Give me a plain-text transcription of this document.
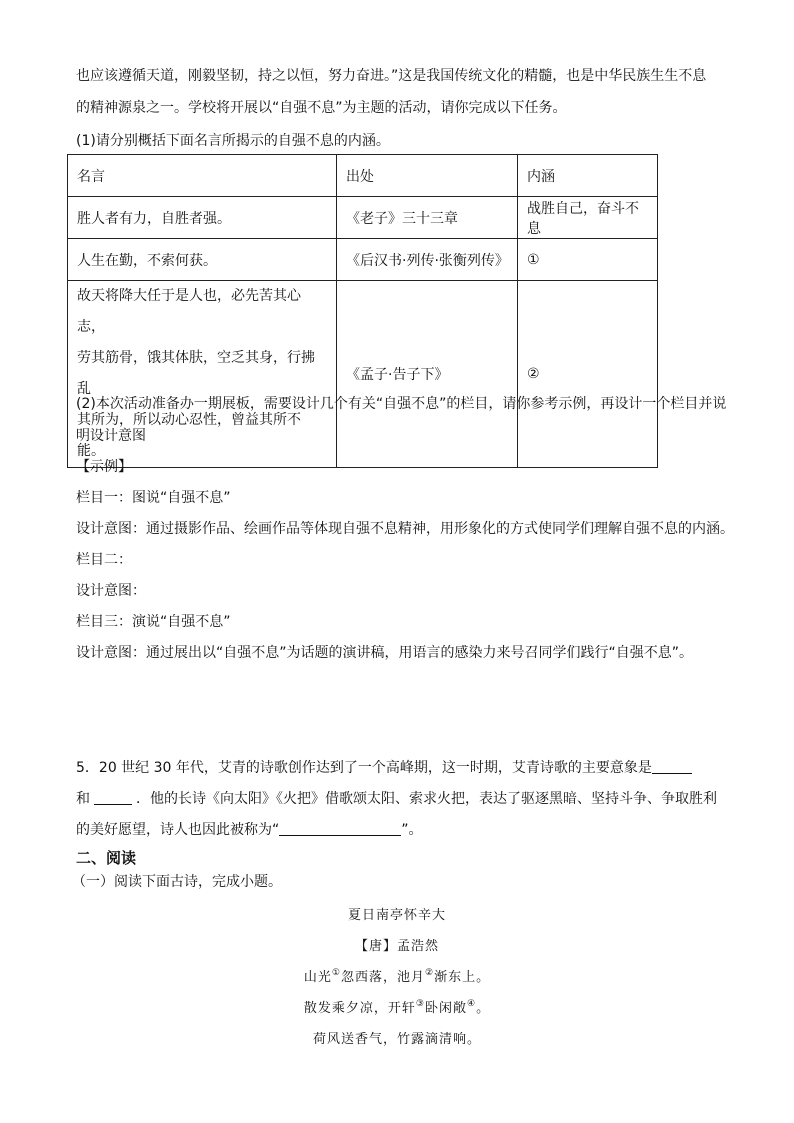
也应该遵循天道，刚毅坚韧，持之以恒，努力奋进。”这是我国传统文化的精髓，也是中华民族生生不息
的精神源泉之一。学校将开展以“自强不息”为主题的活动，请你完成以下任务。
(1)请分别概括下面名言所揭示的自强不息的内涵。
名言	出处	内涵
胜人者有力，自胜者强。	《老子》三十三章	战胜自己，奋斗不息
人生在勤，不索何获。	《后汉书·列传·张衡列传》	①

故天将降大任于是人也，必先苦其心志，
劳其筋骨，饿其体肤，空乏其身，行拂乱
其所为，所以动心忍性，曾益其所不能。	《孟子·告子下》	②
(2)本次活动准备办一期展板，需要设计几个有关“自强不息”的栏目，请你参考示例，再设计一个栏目并说
明设计意图
【示例】
栏目一：图说“自强不息”
设计意图：通过摄影作品、绘画作品等体现自强不息精神，用形象化的方式使同学们理解自强不息的内涵。
栏目二：
设计意图：
栏目三：演说“自强不息”
设计意图：通过展出以“自强不息”为话题的演讲稿，用语言的感染力来号召同学们践行“自强不息”。
5．20 世纪 30 年代，艾青的诗歌创作达到了一个高峰期，这一时期，艾青诗歌的主要意象是
和	．他的长诗《向太阳》《火把》借歌颂太阳、索求火把，表达了驱逐黑暗、坚持斗争、争取胜利
的美好愿望，诗人也因此被称为“	”。
二、阅读
（一）阅读下面古诗，完成小题。
夏日南亭怀辛大
【唐】孟浩然
山光①忽西落，池月②渐东上。
散发乘夕凉，开轩③卧闲敞④。
荷风送香气，竹露滴清响。
